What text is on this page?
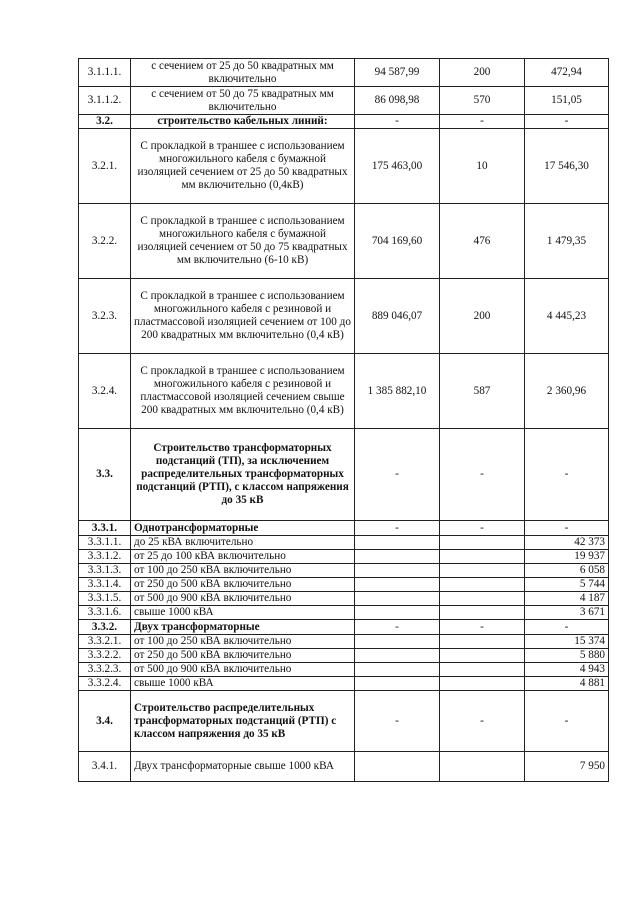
3.1.1.1.	с сечением от 25 до 50 квадратных мм включительно	94 587,99	200	472,94
3.1.1.2.	с сечением от 50 до 75 квадратных мм включительно	86 098,98	570	151,05
3.2.	строительство кабельных линий:	-	-	-
3.2.1.	С прокладкой в траншее с использованием многожильного кабеля с бумажной изоляцией сечением от 25 до 50 квадратных мм включительно (0,4кВ)	175 463,00	10	17 546,30
3.2.2.	С прокладкой в траншее с использованием многожильного кабеля с бумажной изоляцией сечением от 50 до 75 квадратных мм включительно (6-10 кВ)	704 169,60	476	1 479,35
3.2.3.	С прокладкой в траншее с использованием многожильного кабеля с резиновой и пластмассовой изоляцией сечением от 100 до 200 квадратных мм включительно (0,4 кВ)	889 046,07	200	4 445,23
3.2.4.	С прокладкой в траншее с использованием многожильного кабеля с резиновой и пластмассовой изоляцией сечением свыше 200 квадратных мм включительно (0,4 кВ)	1 385 882,10	587	2 360,96
3.3.	Строительство трансформаторных подстанций (ТП), за исключением распределительных трансформаторных подстанций (РТП), с классом напряжения до 35 кВ	-	-	-
3.3.1.	Однотрансформаторные	-	-	-
3.3.1.1.	до 25 кВА включительно			42 373
3.3.1.2.	от 25 до 100 кВА включительно			19 937
3.3.1.3.	от 100 до 250 кВА включительно			6 058
3.3.1.4.	от 250 до 500 кВА включительно			5 744
3.3.1.5.	от 500 до 900 кВА включительно			4 187
3.3.1.6.	свыше 1000 кВА			3 671
3.3.2.	Двух трансформаторные	-	-	-
3.3.2.1.	от 100 до 250 кВА включительно			15 374
3.3.2.2.	от 250 до 500 кВА включительно			5 880
3.3.2.3.	от 500 до 900 кВА включительно			4 943
3.3.2.4.	свыше 1000 кВА			4 881
3.4.	Строительство распределительных трансформаторных подстанций (РТП) с классом напряжения до 35 кВ	-	-	-
3.4.1.	Двух трансформаторные свыше 1000 кВА			7 950
